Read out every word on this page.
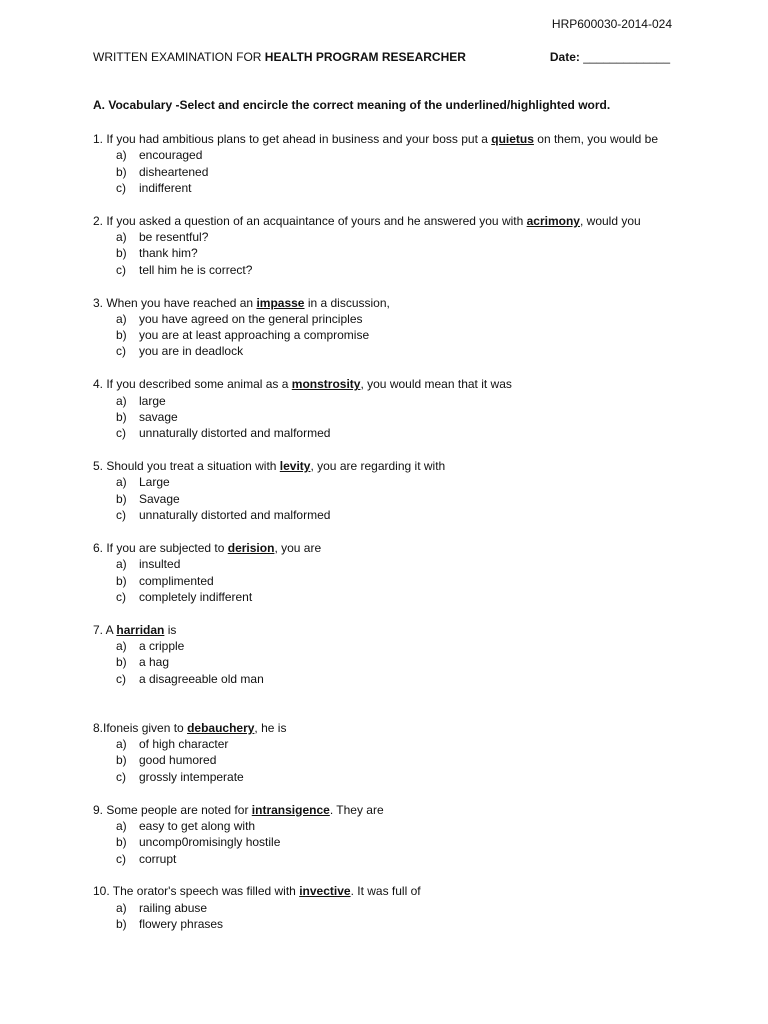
HRP600030-2014-024
WRITTEN EXAMINATION FOR HEALTH PROGRAM RESEARCHER	Date: _____________
A. Vocabulary -Select and encircle the correct meaning of the underlined/highlighted word.
1. If you had ambitious plans to get ahead in business and your boss put a quietus on them, you would be
a)	encouraged
b)	disheartened
c)	indifferent
2. If you asked a question of an acquaintance of yours and he answered you with acrimony, would you
a)	be resentful?
b)	thank him?
c)	tell him he is correct?
3. When you have reached an impasse in a discussion,
a)	you have agreed on the general principles
b)	you are at least approaching a compromise
c)	you are in deadlock
4. If you described some animal as a monstrosity, you would mean that it was
a)	large
b)	savage
c)	unnaturally distorted and malformed
5. Should you treat a situation with levity, you are regarding it with
a)	Large
b)	Savage
c)	unnaturally distorted and malformed
6. If you are subjected to derision, you are
a)	insulted
b)	complimented
c)	completely indifferent
7. A harridan is
a)	a cripple
b)	a hag
c)	a disagreeable old man
8.Ifoneis given to debauchery, he is
a)	of high character
b)	good humored
c)	grossly intemperate
9. Some people are noted for intransigence. They are
a)	easy to get along with
b)	uncomp0romisingly hostile
c)	corrupt
10. The orator's speech was filled with invective. It was full of
a)	railing abuse
b)	flowery phrases
